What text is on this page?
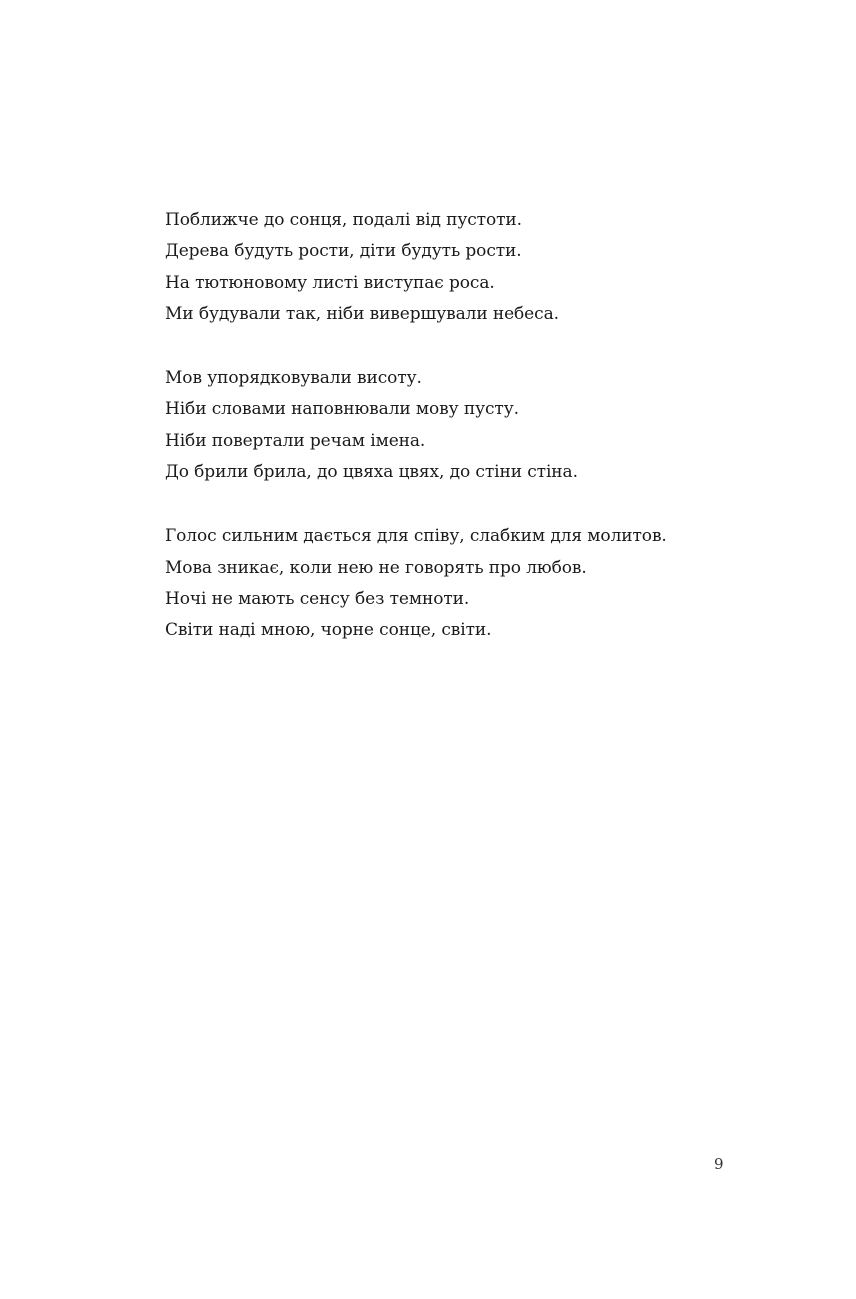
Поближче до сонця, подалі від пустоти.
Дерева будуть рости, діти будуть рости.
На тютюновому листі виступає роса.
Ми будували так, ніби вивершували небеса.
Мов упорядковували висоту.
Ніби словами наповнювали мову пусту.
Ніби повертали речам імена.
До брили брила, до цвяха цвях, до стіни стіна.
Голос сильним дається для співу, слабким для молитов.
Мова зникає, коли нею не говорять про любов.
Ночі не мають сенсу без темноти.
Світи наді мною, чорне сонце, світи.
9
